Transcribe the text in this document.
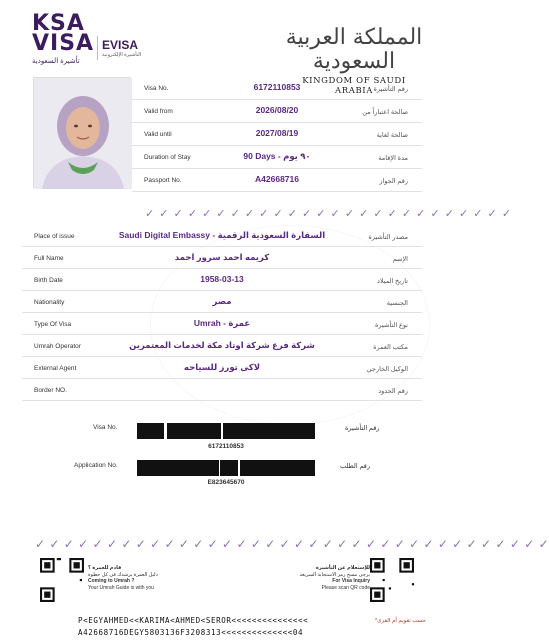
KSA
VISA
تأشيرة السعودية
EVISA
التأشيرة الإلكترونية
المملكة العربية السعودية
KINGDOM OF SAUDI ARABIA
Visa No.	6172110853	رقم التأشيرة
Valid from	2026/08/20	صالحة اعتباراً من
Valid until	2027/08/19	صالحة لغاية
Duration of Stay	90 Days - ٩٠ يوم	مدة الإقامة
Passport No.	A42668716	رقم الجواز
✓ ✓ ✓ ✓ ✓ ✓ ✓ ✓ ✓ ✓ ✓ ✓ ✓ ✓ ✓ ✓ ✓ ✓ ✓ ✓ ✓ ✓ ✓ ✓ ✓ ✓
Place of issue	Saudi Digital Embassy - السفارة السعودية الرقمية	مصدر التأشيرة
Full Name	كريمه احمد سرور احمد	الإسم
Birth Date	1958-03-13	تاريخ الميلاد
Nationality	مصر	الجنسية
Type Of Visa	Umrah - عمرة	نوع التأشيرة
Umrah Operator	شركة فرع شركة اوتاد مكة لخدمات المعتمرين	مكتب العمرة
External Agent	لاكى تورز للسياحه	الوكيل الخارجي
Border NO.	رقم الحدود
Visa No.	رقم التأشيرة
6172110853
Application No.	رقم الطلب
E823645670
✓ ✓ ✓ ✓ ✓ ✓ ✓ ✓ ✓ ✓ ✓ ✓ ✓ ✓ ✓ ✓ ✓ ✓ ✓ ✓ ✓ ✓ ✓ ✓ ✓ ✓ ✓ ✓ ✓ ✓ ✓ ✓ ✓ ✓ ✓ ✓
قادم للعمرة ؟
دليل العمرة يرشدك في كل خطوة
Coming to Umrah ?
Your Umrah Guide is with you
للإستعلام عن التأشيرة
يرجى مسح رمز الاستجابة السريعة
For Visa Inquiry
Please scan QR code
P<EGYAHMED<<KARIMA<AHMED<SEROR<<<<<<<<<<<<<<<
A42668716DEGY5803136F3208313<<<<<<<<<<<<<<04
*حسب تقويم أم القرى
